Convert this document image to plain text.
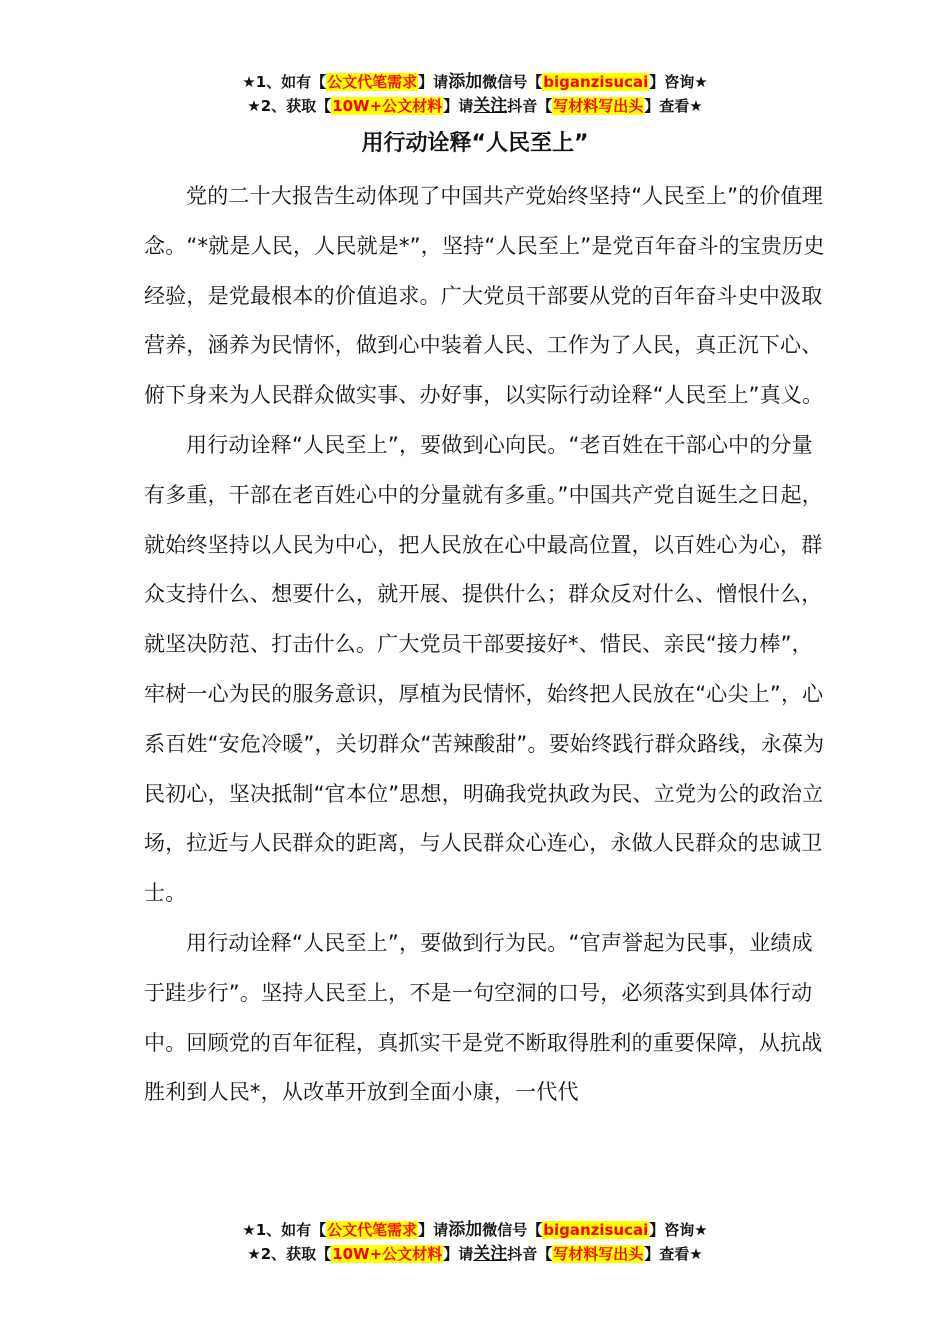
★1、如有【公文代笔需求】请添加微信号【biganzisucai】咨询★
★2、获取【10W+公文材料】请关注抖音【写材料写出头】查看★
用行动诠释“人民至上”

党的二十大报告生动体现了中国共产党始终坚持“人民至上”的价值理念。“*就是人民，人民就是*”，坚持“人民至上”是党百年奋斗的宝贵历史经验，是党最根本的价值追求。广大党员干部要从党的百年奋斗史中汲取营养，涵养为民情怀，做到心中装着人民、工作为了人民，真正沉下心、俯下身来为人民群众做实事、办好事，以实际行动诠释“人民至上”真义。

用行动诠释“人民至上”，要做到心向民。“老百姓在干部心中的分量有多重，干部在老百姓心中的分量就有多重。”中国共产党自诞生之日起，就始终坚持以人民为中心，把人民放在心中最高位置，以百姓心为心，群众支持什么、想要什么，就开展、提供什么；群众反对什么、憎恨什么，就坚决防范、打击什么。广大党员干部要接好*、惜民、亲民“接力棒”，牢树一心为民的服务意识，厚植为民情怀，始终把人民放在“心尖上”，心系百姓“安危冷暖”，关切群众“苦辣酸甜”。要始终践行群众路线，永葆为民初心，坚决抵制“官本位”思想，明确我党执政为民、立党为公的政治立场，拉近与人民群众的距离，与人民群众心连心，永做人民群众的忠诚卫士。

用行动诠释“人民至上”，要做到行为民。“官声誉起为民事，业绩成于跬步行”。坚持人民至上，不是一句空洞的口号，必须落实到具体行动中。回顾党的百年征程，真抓实干是党不断取得胜利的重要保障，从抗战胜利到人民*，从改革开放到全面小康，一代代

★1、如有【公文代笔需求】请添加微信号【biganzisucai】咨询★
★2、获取【10W+公文材料】请关注抖音【写材料写出头】查看★
